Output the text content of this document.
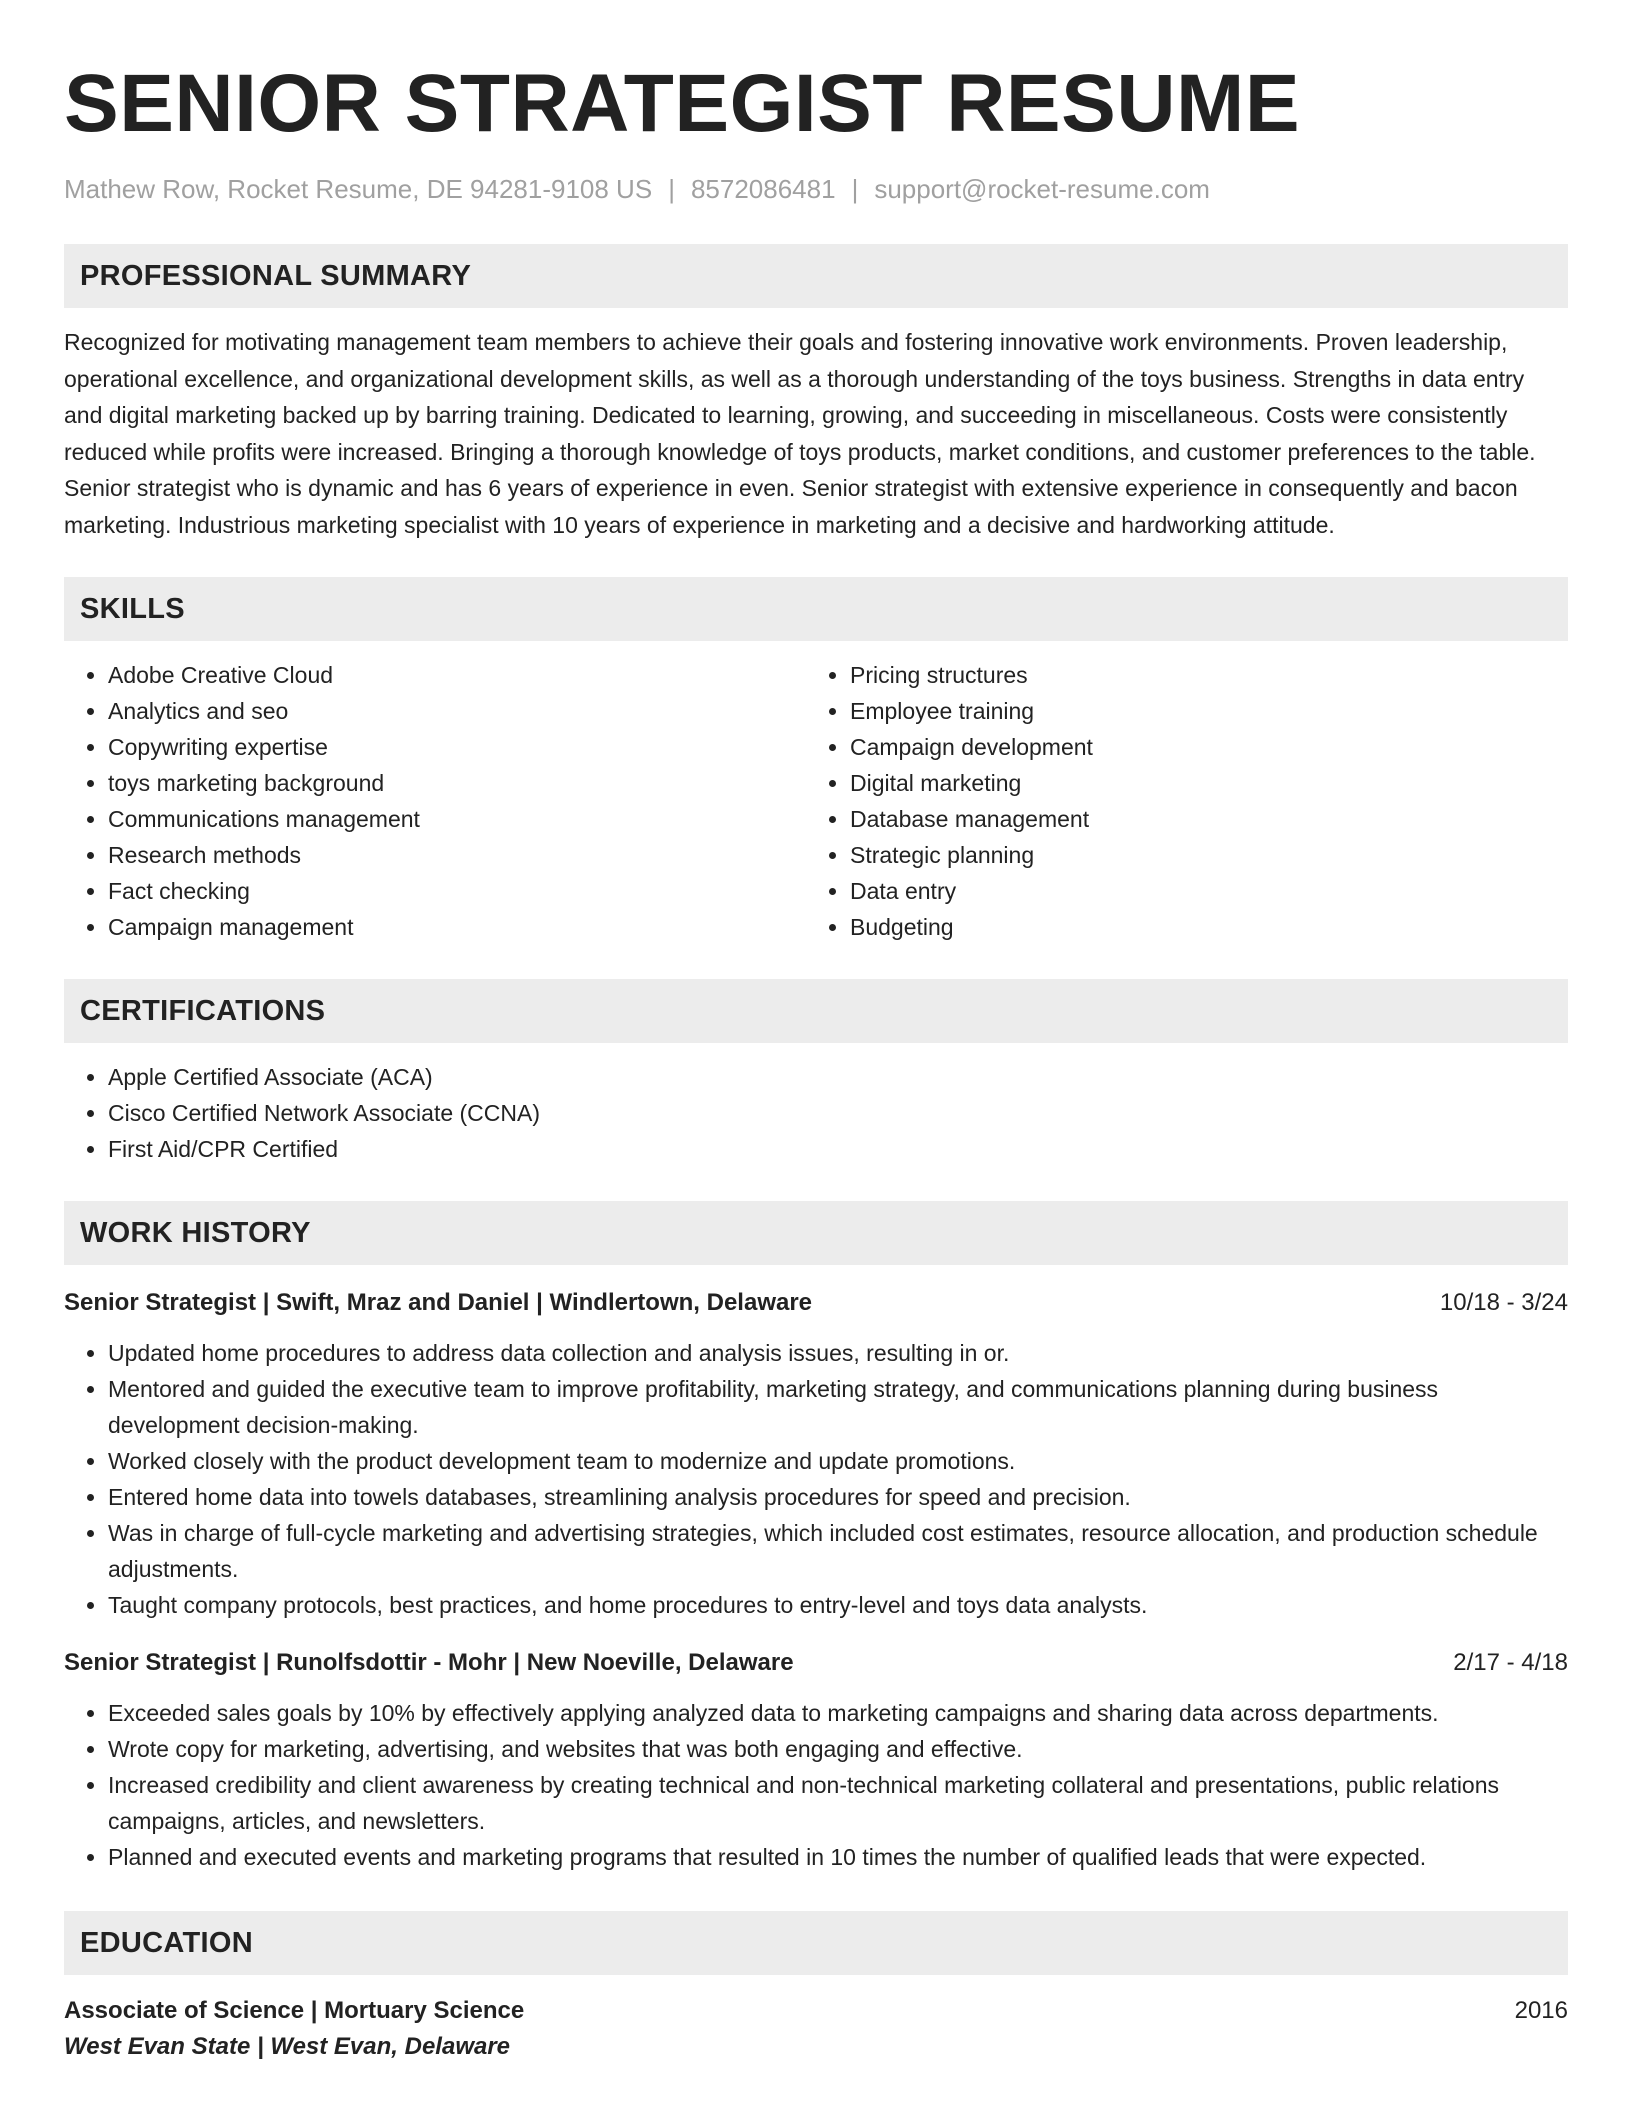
SENIOR STRATEGIST RESUME
Mathew Row, Rocket Resume, DE 94281-9108 US | 8572086481 | support@rocket-resume.com
PROFESSIONAL SUMMARY

Recognized for motivating management team members to achieve their goals and fostering innovative work environments. Proven leadership, operational excellence, and organizational development skills, as well as a thorough understanding of the toys business. Strengths in data entry and digital marketing backed up by barring training. Dedicated to learning, growing, and succeeding in miscellaneous. Costs were consistently reduced while profits were increased. Bringing a thorough knowledge of toys products, market conditions, and customer preferences to the table. Senior strategist who is dynamic and has 6 years of experience in even. Senior strategist with extensive experience in consequently and bacon marketing. Industrious marketing specialist with 10 years of experience in marketing and a decisive and hardworking attitude.

SKILLS
• Adobe Creative Cloud
• Analytics and seo
• Copywriting expertise
• toys marketing background
• Communications management
• Research methods
• Fact checking
• Campaign management
• Pricing structures
• Employee training
• Campaign development
• Digital marketing
• Database management
• Strategic planning
• Data entry
• Budgeting
CERTIFICATIONS
• Apple Certified Associate (ACA)
• Cisco Certified Network Associate (CCNA)
• First Aid/CPR Certified
WORK HISTORY
Senior Strategist | Swift, Mraz and Daniel | Windlertown, Delaware	10/18 - 3/24
• Updated home procedures to address data collection and analysis issues, resulting in or.
• Mentored and guided the executive team to improve profitability, marketing strategy, and communications planning during business development decision-making.
• Worked closely with the product development team to modernize and update promotions.
• Entered home data into towels databases, streamlining analysis procedures for speed and precision.
• Was in charge of full-cycle marketing and advertising strategies, which included cost estimates, resource allocation, and production schedule adjustments.
• Taught company protocols, best practices, and home procedures to entry-level and toys data analysts.
Senior Strategist | Runolfsdottir - Mohr | New Noeville, Delaware	2/17 - 4/18
• Exceeded sales goals by 10% by effectively applying analyzed data to marketing campaigns and sharing data across departments.
• Wrote copy for marketing, advertising, and websites that was both engaging and effective.
• Increased credibility and client awareness by creating technical and non-technical marketing collateral and presentations, public relations campaigns, articles, and newsletters.
• Planned and executed events and marketing programs that resulted in 10 times the number of qualified leads that were expected.
EDUCATION
Associate of Science | Mortuary Science	2016
West Evan State | West Evan, Delaware
